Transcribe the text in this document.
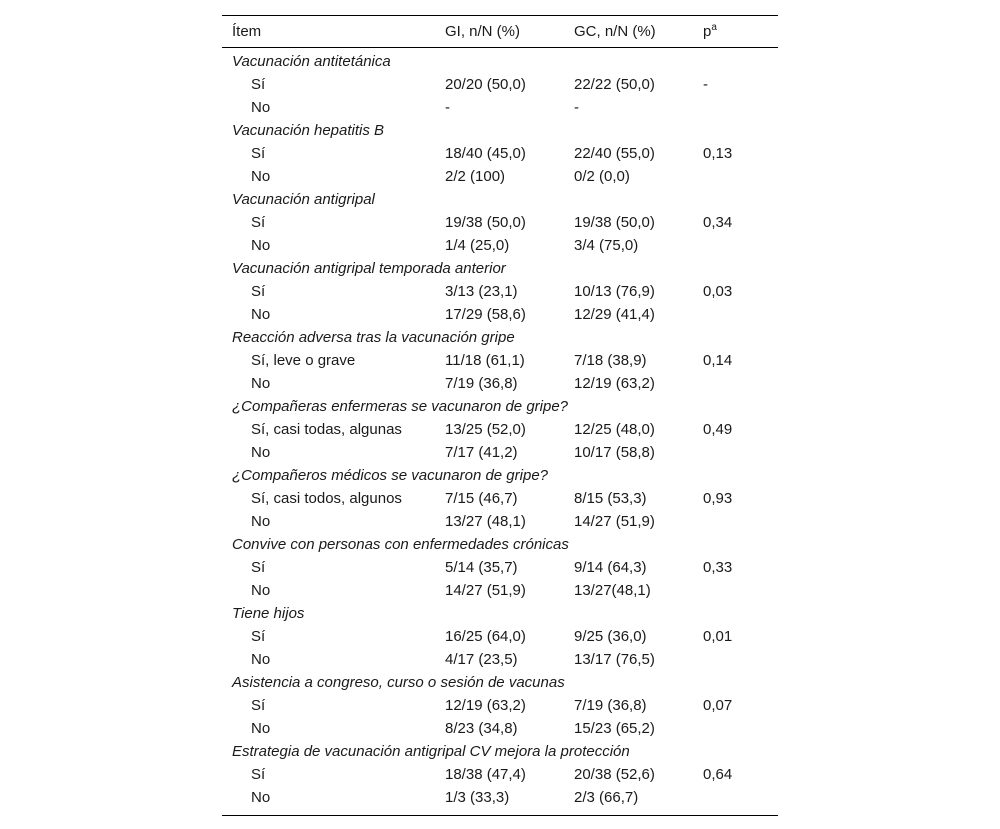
Ítem	GI, n/N (%)	GC, n/N (%)	$p^a$
Vacunación antitetánica
Sí	20/20 (50,0)	22/22 (50,0)	-
No	-	-
Vacunación hepatitis B
Sí	18/40 (45,0)	22/40 (55,0)	0,13
No	2/2 (100)	0/2 (0,0)
Vacunación antigripal
Sí	19/38 (50,0)	19/38 (50,0)	0,34
No	1/4 (25,0)	3/4 (75,0)
Vacunación antigripal temporada anterior
Sí	3/13 (23,1)	10/13 (76,9)	0,03
No	17/29 (58,6)	12/29 (41,4)
Reacción adversa tras la vacunación gripe
Sí, leve o grave	11/18 (61,1)	7/18 (38,9)	0,14
No	7/19 (36,8)	12/19 (63,2)
¿Compañeras enfermeras se vacunaron de gripe?
Sí, casi todas, algunas	13/25 (52,0)	12/25 (48,0)	0,49
No	7/17 (41,2)	10/17 (58,8)
¿Compañeros médicos se vacunaron de gripe?
Sí, casi todos, algunos	7/15 (46,7)	8/15 (53,3)	0,93
No	13/27 (48,1)	14/27 (51,9)
Convive con personas con enfermedades crónicas
Sí	5/14 (35,7)	9/14 (64,3)	0,33
No	14/27 (51,9)	13/27(48,1)
Tiene hijos
Sí	16/25 (64,0)	9/25 (36,0)	0,01
No	4/17 (23,5)	13/17 (76,5)
Asistencia a congreso, curso o sesión de vacunas
Sí	12/19 (63,2)	7/19 (36,8)	0,07
No	8/23 (34,8)	15/23 (65,2)
Estrategia de vacunación antigripal CV mejora la protección
Sí	18/38 (47,4)	20/38 (52,6)	0,64
No	1/3 (33,3)	2/3 (66,7)
